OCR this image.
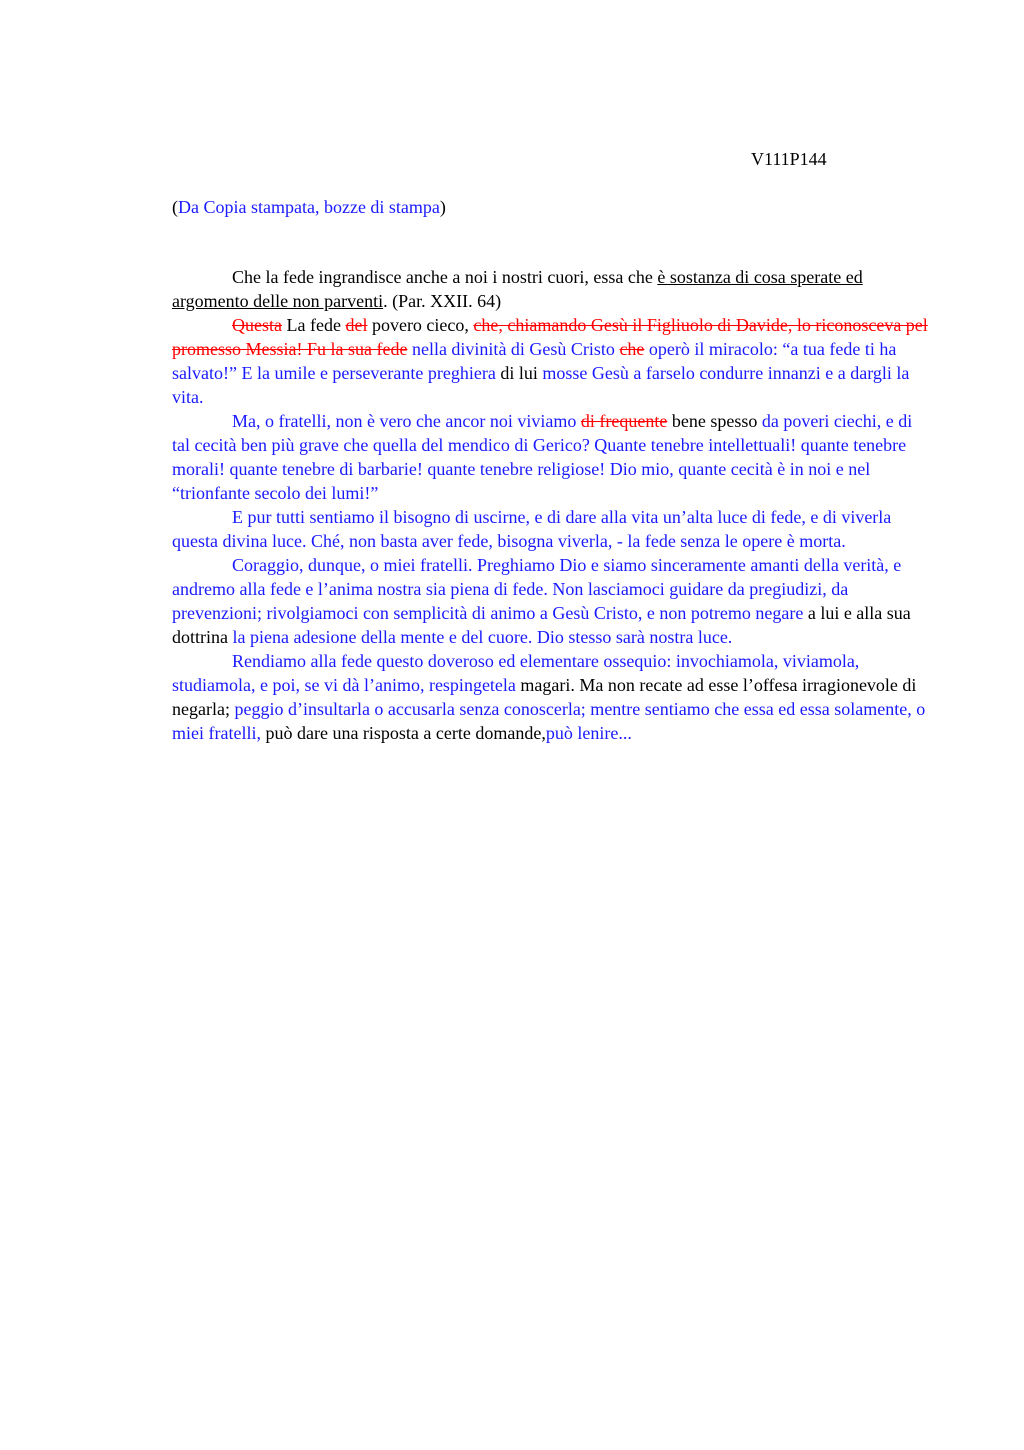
V111P144
(Da Copia stampata, bozze di stampa)

Che la fede ingrandisce anche a noi i nostri cuori, essa che è sostanza di cosa sperate ed argomento delle non parventi. (Par. XXII. 64)

Questa La fede del povero cieco, che, chiamando Gesù il Figliuolo di Davide, lo riconosceva pel promesso Messia! Fu la sua fede nella divinità di Gesù Cristo che operò il miracolo: “a tua fede ti ha salvato!” E la umile e perseverante preghiera di lui mosse Gesù a farselo condurre innanzi e a dargli la vita.

Ma, o fratelli, non è vero che ancor noi viviamo di frequente bene spesso da poveri ciechi, e di tal cecità ben più grave che quella del mendico di Gerico? Quante tenebre intellettuali! quante tenebre morali! quante tenebre di barbarie! quante tenebre religiose! Dio mio, quante cecità è in noi e nel “trionfante secolo dei lumi!”

E pur tutti sentiamo il bisogno di uscirne, e di dare alla vita un’alta luce di fede, e di viverla questa divina luce. Ché, non basta aver fede, bisogna viverla, - la fede senza le opere è morta.

Coraggio, dunque, o miei fratelli. Preghiamo Dio e siamo sinceramente amanti della verità, e andremo alla fede e l’anima nostra sia piena di fede. Non lasciamoci guidare da pregiudizi, da prevenzioni; rivolgiamoci con semplicità di animo a Gesù Cristo, e non potremo negare a lui e alla sua dottrina la piena adesione della mente e del cuore. Dio stesso sarà nostra luce.

Rendiamo alla fede questo doveroso ed elementare ossequio: invochiamola, viviamola, studiamola, e poi, se vi dà l’animo, respingetela magari. Ma non recate ad esse l’offesa irragionevole di negarla; peggio d’insultarla o accusarla senza conoscerla; mentre sentiamo che essa ed essa solamente, o miei fratelli, può dare una risposta a certe domande,può lenire...
